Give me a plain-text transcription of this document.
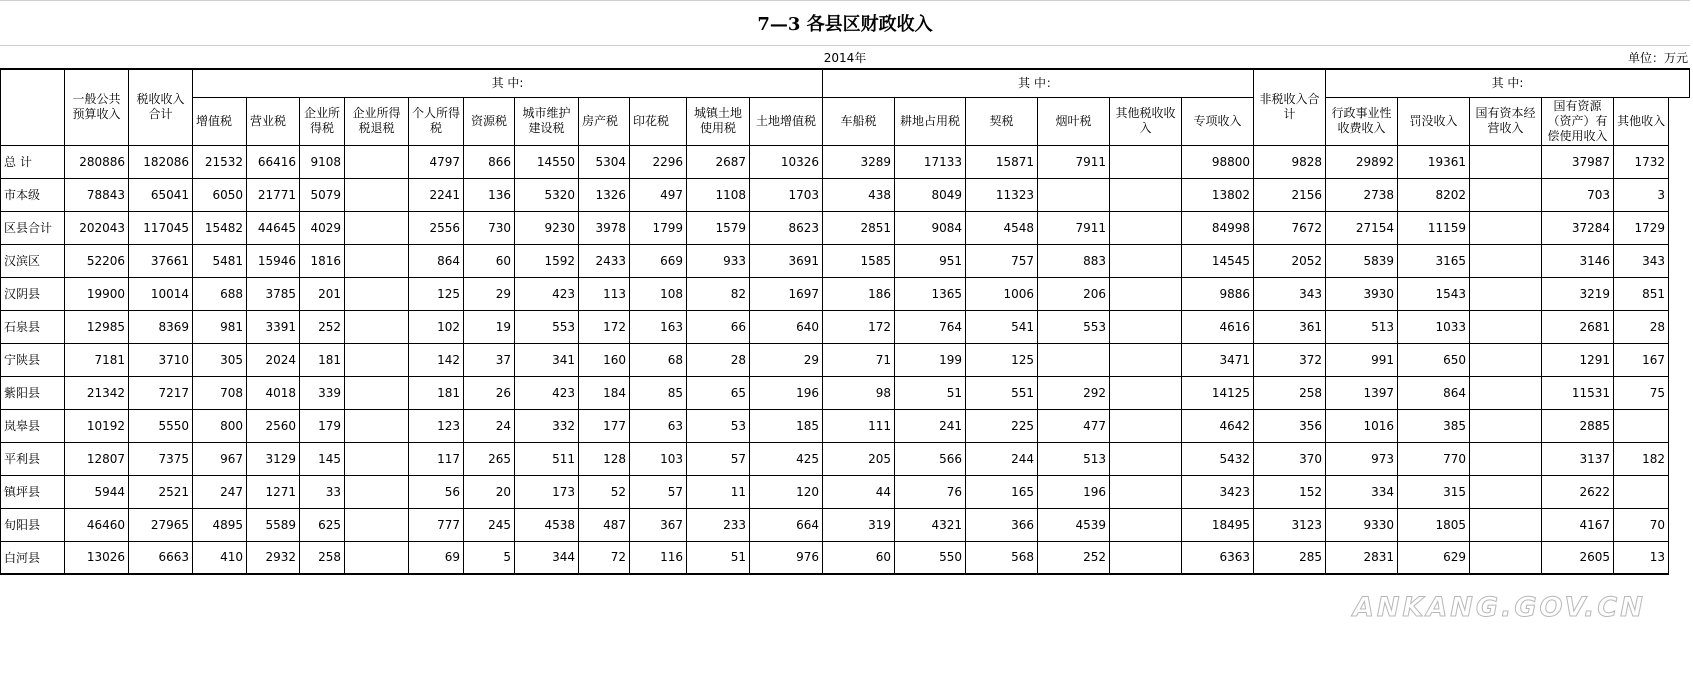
7—3 各县区财政收入
2014年	单位：万元
	一般公共预算收入	税收收入合计	其 中:											其 中：						非税收入合计	其 中:				
			增值税	营业税	企业所得税	企业所得税退税	个人所得税	资源税	城市维护建设税	房产税	印花税	城镇土地使用税	土地增值税	车船税	耕地占用税	契税	烟叶税	其他税收收入	专项收入		行政事业性收费收入	罚没收入	国有资本经营收入	国有资源（资产）有偿使用收入	其他收入
总 计	280886	182086	21532	66416	9108		4797	866	14550	5304	2296	2687	10326	3289	17133	15871	7911		98800	9828	29892	19361		37987	1732
市本级	78843	65041	6050	21771	5079		2241	136	5320	1326	497	1108	1703	438	8049	11323			13802	2156	2738	8202		703	3
区县合计	202043	117045	15482	44645	4029		2556	730	9230	3978	1799	1579	8623	2851	9084	4548	7911		84998	7672	27154	11159		37284	1729
汉滨区	52206	37661	5481	15946	1816		864	60	1592	2433	669	933	3691	1585	951	757	883		14545	2052	5839	3165		3146	343
汉阴县	19900	10014	688	3785	201		125	29	423	113	108	82	1697	186	1365	1006	206		9886	343	3930	1543		3219	851
石泉县	12985	8369	981	3391	252		102	19	553	172	163	66	640	172	764	541	553		4616	361	513	1033		2681	28
宁陕县	7181	3710	305	2024	181		142	37	341	160	68	28	29	71	199	125			3471	372	991	650		1291	167
紫阳县	21342	7217	708	4018	339		181	26	423	184	85	65	196	98	51	551	292		14125	258	1397	864		11531	75
岚皋县	10192	5550	800	2560	179		123	24	332	177	63	53	185	111	241	225	477		4642	356	1016	385		2885	
平利县	12807	7375	967	3129	145		117	265	511	128	103	57	425	205	566	244	513		5432	370	973	770		3137	182
镇坪县	5944	2521	247	1271	33		56	20	173	52	57	11	120	44	76	165	196		3423	152	334	315		2622	
旬阳县	46460	27965	4895	5589	625		777	245	4538	487	367	233	664	319	4321	366	4539		18495	3123	9330	1805		4167	70
白河县	13026	6663	410	2932	258		69	5	344	72	116	51	976	60	550	568	252		6363	285	2831	629		2605	13
ANKANG.GOV.CN
